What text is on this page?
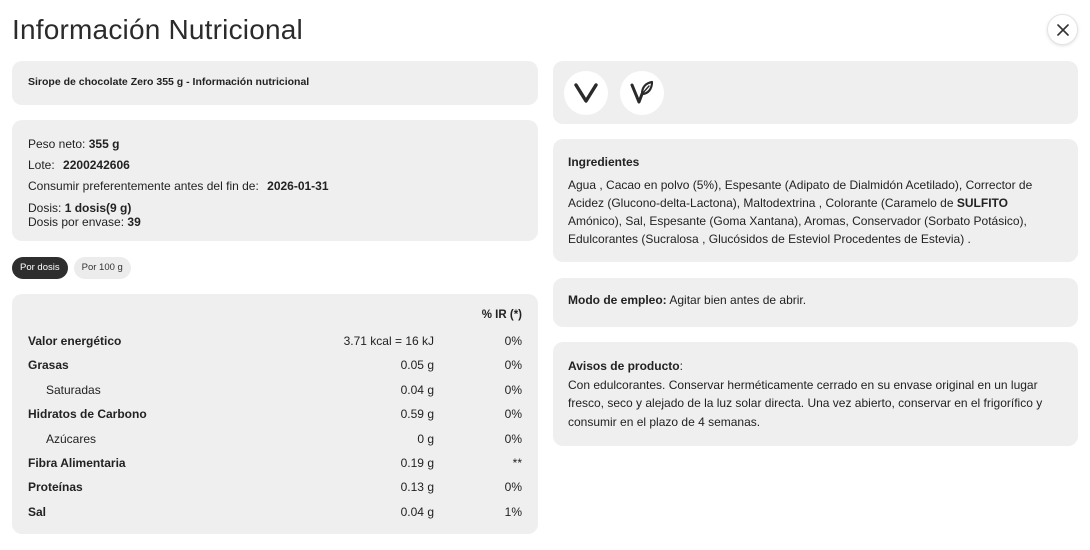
Información Nutricional
Sirope de chocolate Zero 355 g - Información nutricional
Peso neto: 355 g
Lote: 2200242606
Consumir preferentemente antes del fin de: 2026-01-31
Dosis: 1 dosis(9 g)
Dosis por envase: 39
Por dosis	Por 100 g
% IR (*)
Valor energético	3.71 kcal = 16 kJ	0%
Grasas	0.05 g	0%
Saturadas	0.04 g	0%
Hidratos de Carbono	0.59 g	0%
Azúcares	0 g	0%
Fibra Alimentaria	0.19 g	**
Proteínas	0.13 g	0%
Sal	0.04 g	1%
Ingredientes
Agua , Cacao en polvo (5%), Espesante (Adipato de Dialmidón Acetilado), Corrector de Acidez (Glucono-delta-Lactona), Maltodextrina , Colorante (Caramelo de SULFITO Amónico), Sal, Espesante (Goma Xantana), Aromas, Conservador (Sorbato Potásico), Edulcorantes (Sucralosa , Glucósidos de Esteviol Procedentes de Estevia) .
Modo de empleo: Agitar bien antes de abrir.
Avisos de producto:
Con edulcorantes. Conservar herméticamente cerrado en su envase original en un lugar fresco, seco y alejado de la luz solar directa. Una vez abierto, conservar en el frigorífico y consumir en el plazo de 4 semanas.
